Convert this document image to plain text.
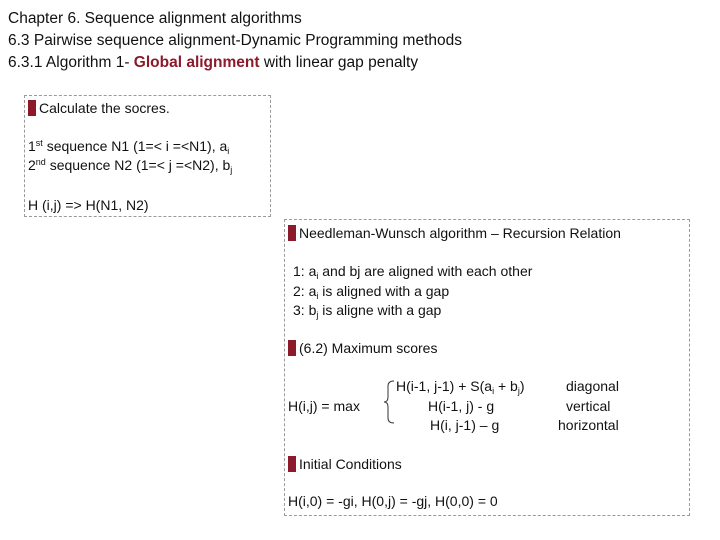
Chapter 6. Sequence alignment algorithms
6.3 Pairwise sequence alignment-Dynamic Programming methods
6.3.1 Algorithm 1- Global alignment with linear gap penalty
Calculate the socres.
1st sequence N1 (1=< i =<N1), $a_i$
2nd sequence N2 (1=< j =<N2), $b_j$
H (i,j) => H(N1, N2)
Needleman-Wunsch algorithm – Recursion Relation
1: $a_i$ and bj are aligned with each other
2: $a_i$ is aligned with a gap
3: $b_j$ is aligne with a gap
(6.2) Maximum scores
H(i,j) = max
H(i-1, $j-1) + S(a_i + b_j)$
H(i-1, j) - g
H(i, j-1) – g
diagonal
vertical
horizontal
Initial Conditions
H(i,0) = -gi, H(0,j) = -gj, H(0,0) = 0
